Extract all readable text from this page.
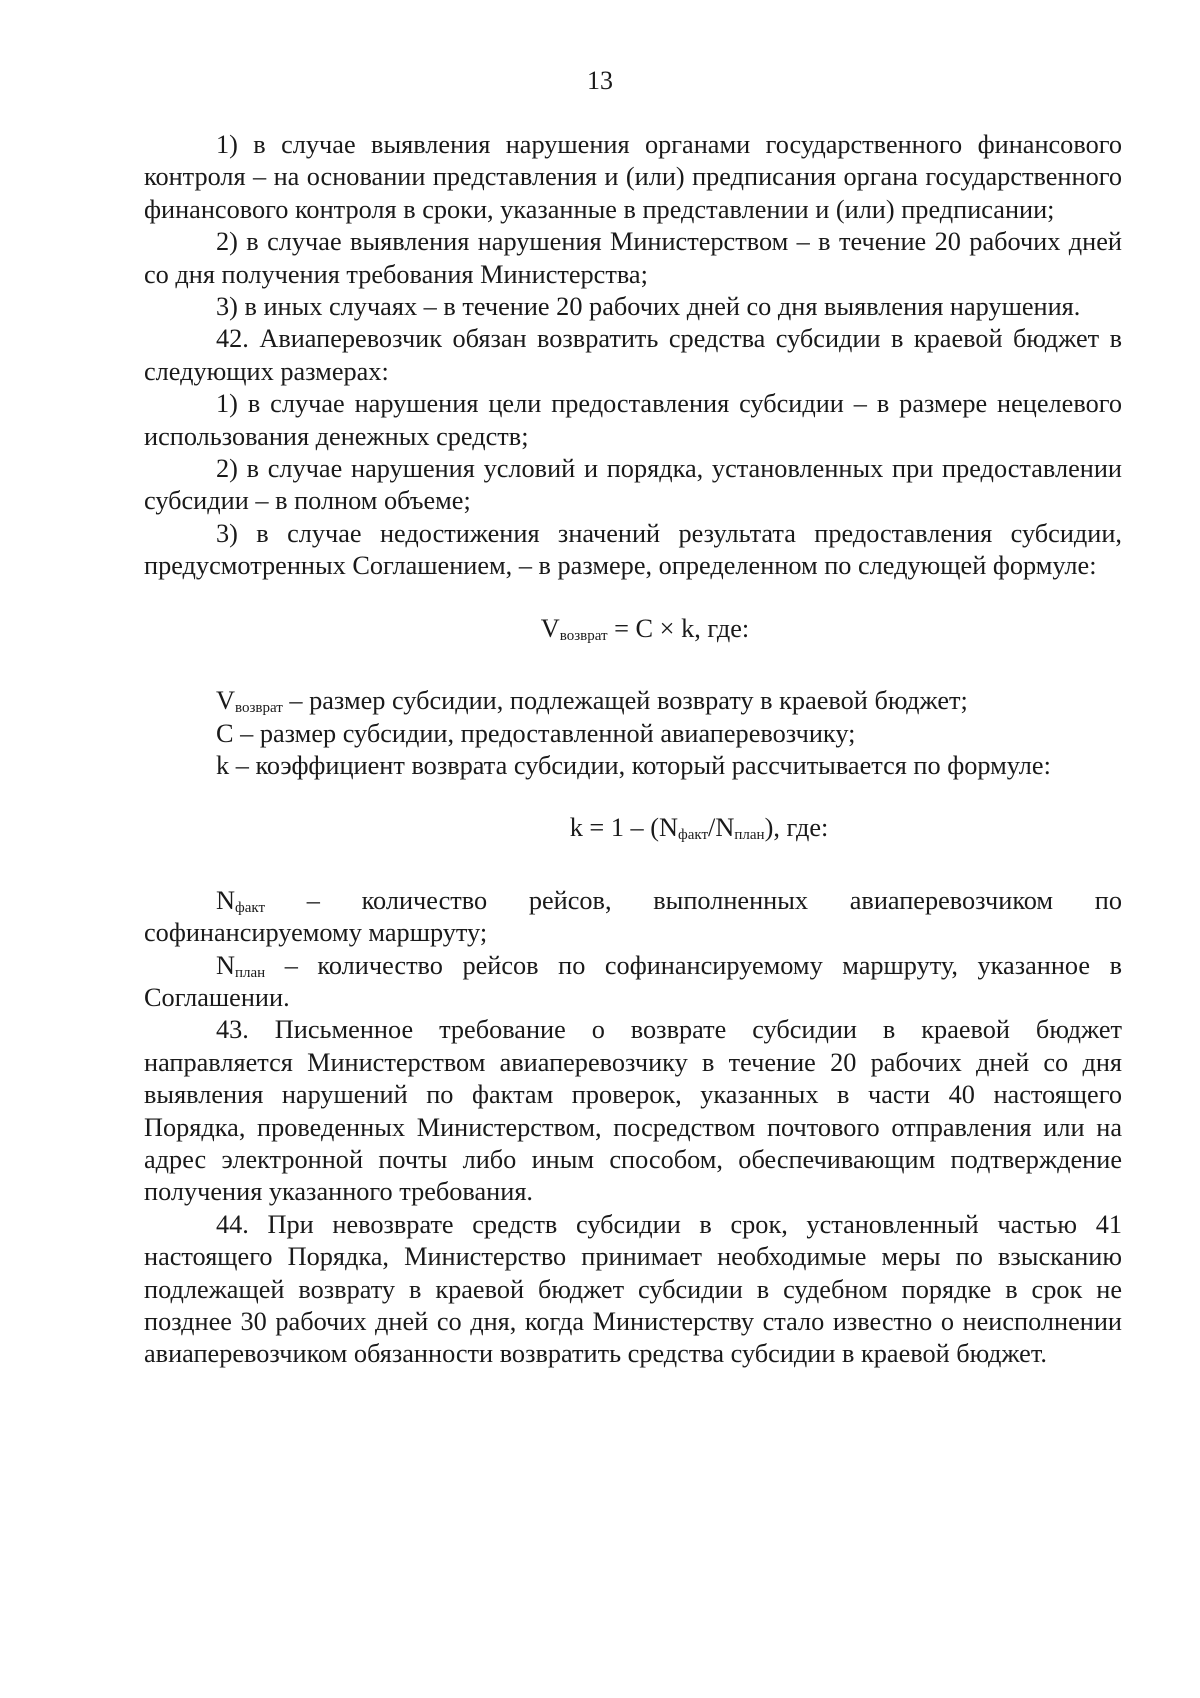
13

1) в случае выявления нарушения органами государственного финансового контроля – на основании представления и (или) предписания органа государственного финансового контроля в сроки, указанные в представлении и (или) предписании;

2) в случае выявления нарушения Министерством – в течение 20 рабочих дней со дня получения требования Министерства;

3) в иных случаях – в течение 20 рабочих дней со дня выявления нарушения.

42. Авиаперевозчик обязан возвратить средства субсидии в краевой бюджет в следующих размерах:

1) в случае нарушения цели предоставления субсидии – в размере нецелевого использования денежных средств;

2) в случае нарушения условий и порядка, установленных при предоставлении субсидии – в полном объеме;

3) в случае недостижения значений результата предоставления субсидии, предусмотренных Соглашением, – в размере, определенном по следующей формуле:

$V_{возврат} = C \times k$, где:

$V_{возврат}$ – размер субсидии, подлежащей возврату в краевой бюджет;

C – размер субсидии, предоставленной авиаперевозчику;

k – коэффициент возврата субсидии, который рассчитывается по формуле:

$k = 1 - (N_{факт}/N_{план})$, где:

$N_{факт}$ – количество рейсов, выполненных авиаперевозчиком по софинансируемому маршруту;

$N_{план}$ – количество рейсов по софинансируемому маршруту, указанное в Соглашении.

43. Письменное требование о возврате субсидии в краевой бюджет направляется Министерством авиаперевозчику в течение 20 рабочих дней со дня выявления нарушений по фактам проверок, указанных в части 40 настоящего Порядка, проведенных Министерством, посредством почтового отправления или на адрес электронной почты либо иным способом, обеспечивающим подтверждение получения указанного требования.

44. При невозврате средств субсидии в срок, установленный частью 41 настоящего Порядка, Министерство принимает необходимые меры по взысканию подлежащей возврату в краевой бюджет субсидии в судебном порядке в срок не позднее 30 рабочих дней со дня, когда Министерству стало известно о неисполнении авиаперевозчиком обязанности возвратить средства субсидии в краевой бюджет.
